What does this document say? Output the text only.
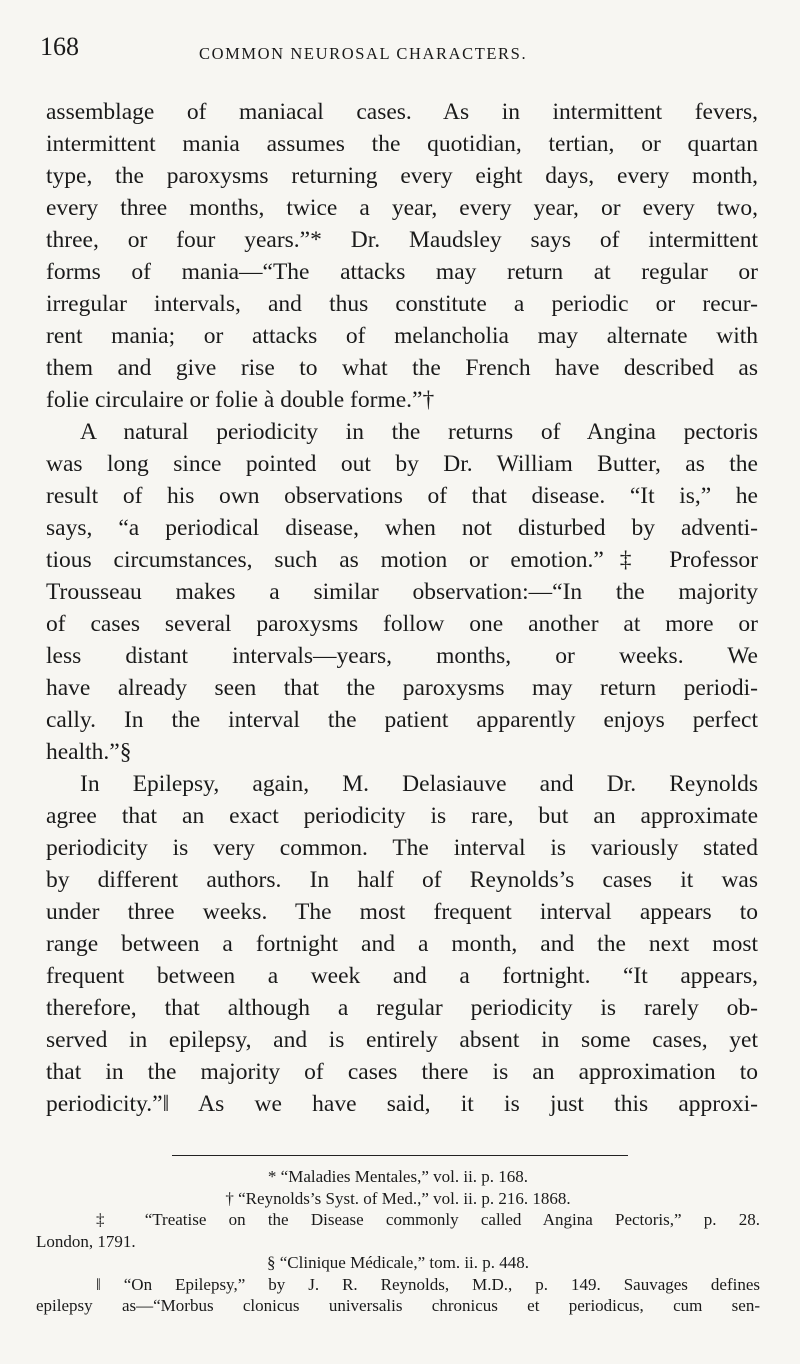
168	COMMON NEUROSAL CHARACTERS.
assemblage of maniacal cases. As in intermittent fevers,
intermittent mania assumes the quotidian, tertian, or quartan
type, the paroxysms returning every eight days, every month,
every three months, twice a year, every year, or every two,
three, or four years.”* Dr. Maudsley says of intermittent
forms of mania—“The attacks may return at regular or
irregular intervals, and thus constitute a periodic or recur-
rent mania; or attacks of melancholia may alternate with
them and give rise to what the French have described as
folie circulaire or folie à double forme.”†
A natural periodicity in the returns of Angina pectoris
was long since pointed out by Dr. William Butter, as the
result of his own observations of that disease. “It is,” he
says, “a periodical disease, when not disturbed by adventi-
tious circumstances, such as motion or emotion.”‡ Professor
Trousseau makes a similar observation:—“In the majority
of cases several paroxysms follow one another at more or
less distant intervals—years, months, or weeks. We
have already seen that the paroxysms may return periodi-
cally. In the interval the patient apparently enjoys perfect
health.”§
In Epilepsy, again, M. Delasiauve and Dr. Reynolds
agree that an exact periodicity is rare, but an approximate
periodicity is very common. The interval is variously stated
by different authors. In half of Reynolds’s cases it was
under three weeks. The most frequent interval appears to
range between a fortnight and a month, and the next most
frequent between a week and a fortnight. “It appears,
therefore, that although a regular periodicity is rarely ob-
served in epilepsy, and is entirely absent in some cases, yet
that in the majority of cases there is an approximation to
periodicity.”‖ As we have said, it is just this approxi-
* “Maladies Mentales,” vol. ii. p. 168.
† “Reynolds’s Syst. of Med.,” vol. ii. p. 216. 1868.
‡ “Treatise on the Disease commonly called Angina Pectoris,” p. 28.
London, 1791.
§ “Clinique Médicale,” tom. ii. p. 448.
‖ “On Epilepsy,” by J. R. Reynolds, M.D., p. 149. Sauvages defines
epilepsy as—“Morbus clonicus universalis chronicus et periodicus, cum sen-
